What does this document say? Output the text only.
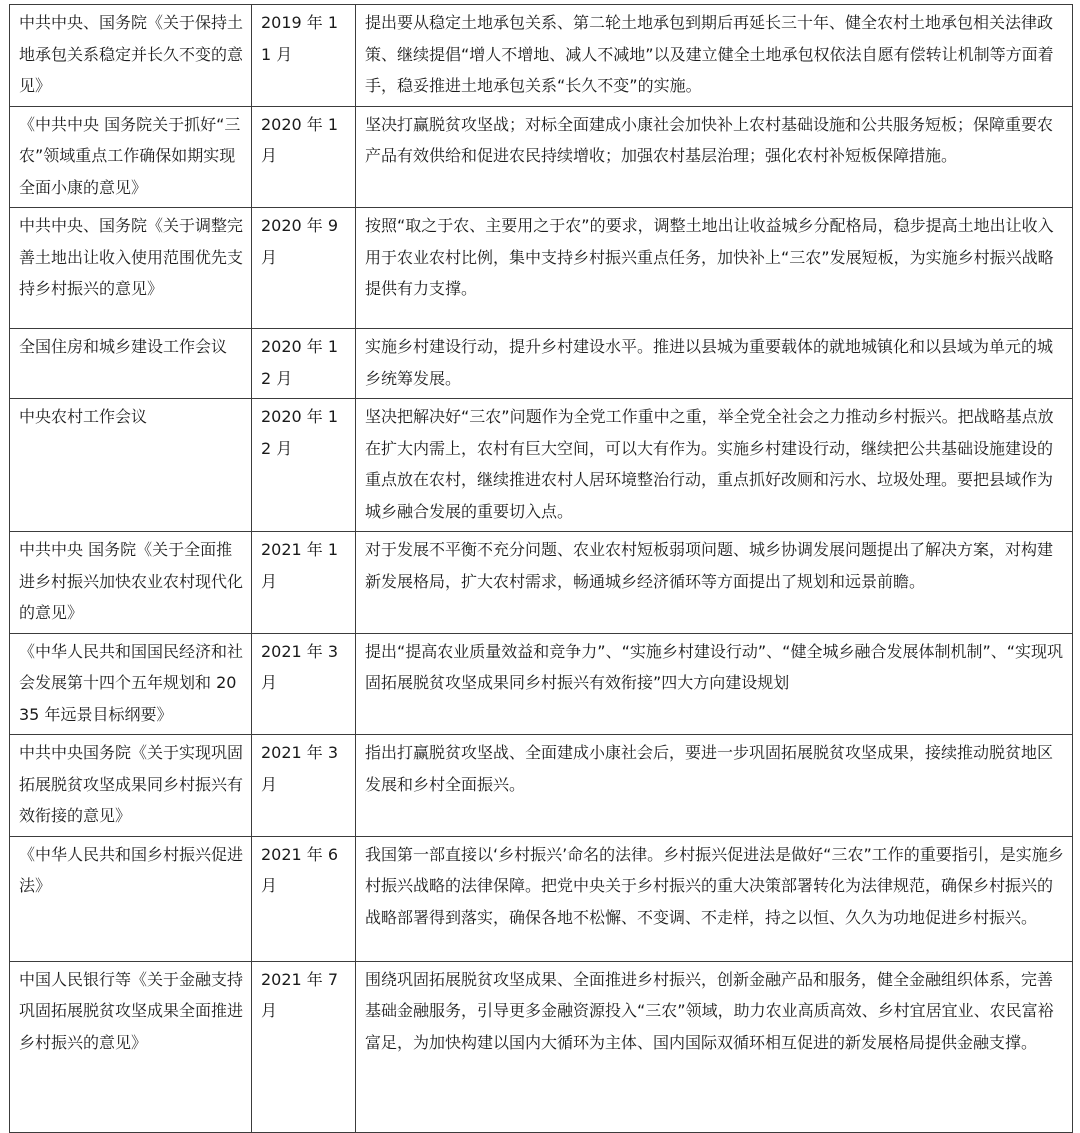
中共中央、国务院《关于保持土地承包关系稳定并长久不变的意见》	2019 年 11 月	提出要从稳定土地承包关系、第二轮土地承包到期后再延长三十年、健全农村土地承包相关法律政策、继续提倡“增人不增地、减人不减地”以及建立健全土地承包权依法自愿有偿转让机制等方面着手，稳妥推进土地承包关系“长久不变”的实施。
《中共中央 国务院关于抓好“三农”领域重点工作确保如期实现全面小康的意见》	2020 年 1 月	坚决打赢脱贫攻坚战；对标全面建成小康社会加快补上农村基础设施和公共服务短板；保障重要农产品有效供给和促进农民持续增收；加强农村基层治理；强化农村补短板保障措施。
中共中央、国务院《关于调整完善土地出让收入使用范围优先支持乡村振兴的意见》	2020 年 9 月	按照“取之于农、主要用之于农”的要求，调整土地出让收益城乡分配格局，稳步提高土地出让收入用于农业农村比例，集中支持乡村振兴重点任务，加快补上“三农”发展短板，为实施乡村振兴战略提供有力支撑。
全国住房和城乡建设工作会议	2020 年 12 月	实施乡村建设行动，提升乡村建设水平。推进以县城为重要载体的就地城镇化和以县域为单元的城乡统筹发展。
中央农村工作会议	2020 年 12 月	坚决把解决好“三农”问题作为全党工作重中之重，举全党全社会之力推动乡村振兴。把战略基点放在扩大内需上，农村有巨大空间，可以大有作为。实施乡村建设行动，继续把公共基础设施建设的重点放在农村，继续推进农村人居环境整治行动，重点抓好改厕和污水、垃圾处理。要把县域作为城乡融合发展的重要切入点。
中共中央 国务院《关于全面推进乡村振兴加快农业农村现代化的意见》	2021 年 1 月	对于发展不平衡不充分问题、农业农村短板弱项问题、城乡协调发展问题提出了解决方案，对构建新发展格局，扩大农村需求，畅通城乡经济循环等方面提出了规划和远景前瞻。
《中华人民共和国国民经济和社会发展第十四个五年规划和 2035 年远景目标纲要》	2021 年 3 月	提出“提高农业质量效益和竞争力”、“实施乡村建设行动”、“健全城乡融合发展体制机制”、“实现巩固拓展脱贫攻坚成果同乡村振兴有效衔接”四大方向建设规划
中共中央国务院《关于实现巩固拓展脱贫攻坚成果同乡村振兴有效衔接的意见》	2021 年 3 月	指出打赢脱贫攻坚战、全面建成小康社会后，要进一步巩固拓展脱贫攻坚成果，接续推动脱贫地区发展和乡村全面振兴。
《中华人民共和国乡村振兴促进法》	2021 年 6 月	我国第一部直接以‘乡村振兴’命名的法律。乡村振兴促进法是做好“三农”工作的重要指引，是实施乡村振兴战略的法律保障。把党中央关于乡村振兴的重大决策部署转化为法律规范，确保乡村振兴的战略部署得到落实，确保各地不松懈、不变调、不走样，持之以恒、久久为功地促进乡村振兴。
中国人民银行等《关于金融支持巩固拓展脱贫攻坚成果全面推进乡村振兴的意见》	2021 年 7 月	围绕巩固拓展脱贫攻坚成果、全面推进乡村振兴，创新金融产品和服务，健全金融组织体系，完善基础金融服务，引导更多金融资源投入“三农”领域，助力农业高质高效、乡村宜居宜业、农民富裕富足，为加快构建以国内大循环为主体、国内国际双循环相互促进的新发展格局提供金融支撑。
